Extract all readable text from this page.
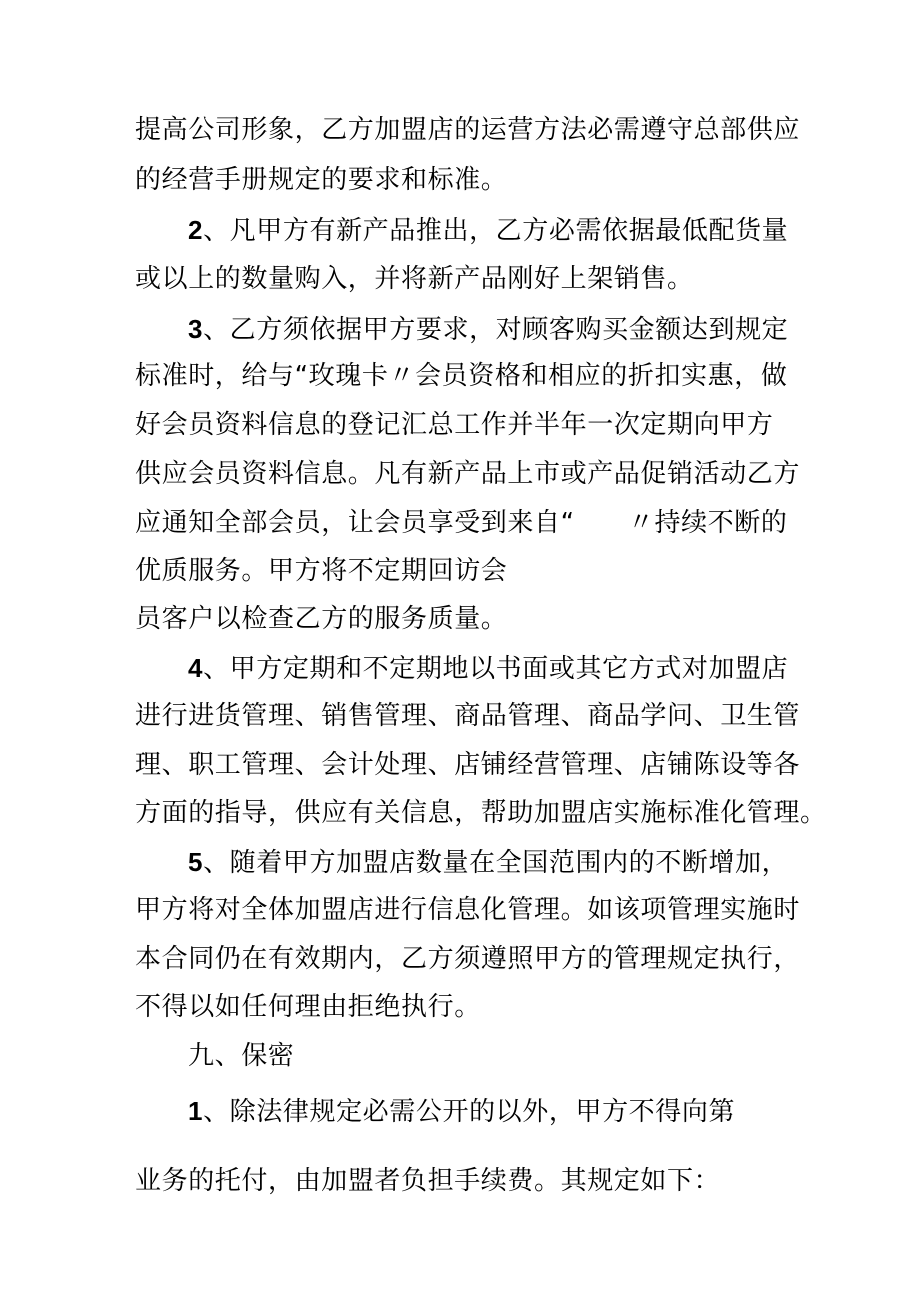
提高公司形象，乙方加盟店的运营方法必需遵守总部供应
的经营手册规定的要求和标准。
2、凡甲方有新产品推出，乙方必需依据最低配货量
或以上的数量购入，并将新产品刚好上架销售。
3、乙方须依据甲方要求，对顾客购买金额达到规定
标准时，给与“玫瑰卡〃会员资格和相应的折扣实惠，做
好会员资料信息的登记汇总工作并半年一次定期向甲方
供应会员资料信息。凡有新产品上市或产品促销活动乙方
应通知全部会员，让会员享受到来自“　　〃持续不断的
优质服务。甲方将不定期回访会
员客户以检查乙方的服务质量。
4、甲方定期和不定期地以书面或其它方式对加盟店
进行进货管理、销售管理、商品管理、商品学问、卫生管
理、职工管理、会计处理、店铺经营管理、店铺陈设等各
方面的指导，供应有关信息，帮助加盟店实施标准化管理。
5、随着甲方加盟店数量在全国范围内的不断增加，
甲方将对全体加盟店进行信息化管理。如该项管理实施时
本合同仍在有效期内，乙方须遵照甲方的管理规定执行，
不得以如任何理由拒绝执行。
九、保密
1、除法律规定必需公开的以外，甲方不得向第
业务的托付，由加盟者负担手续费。其规定如下：
